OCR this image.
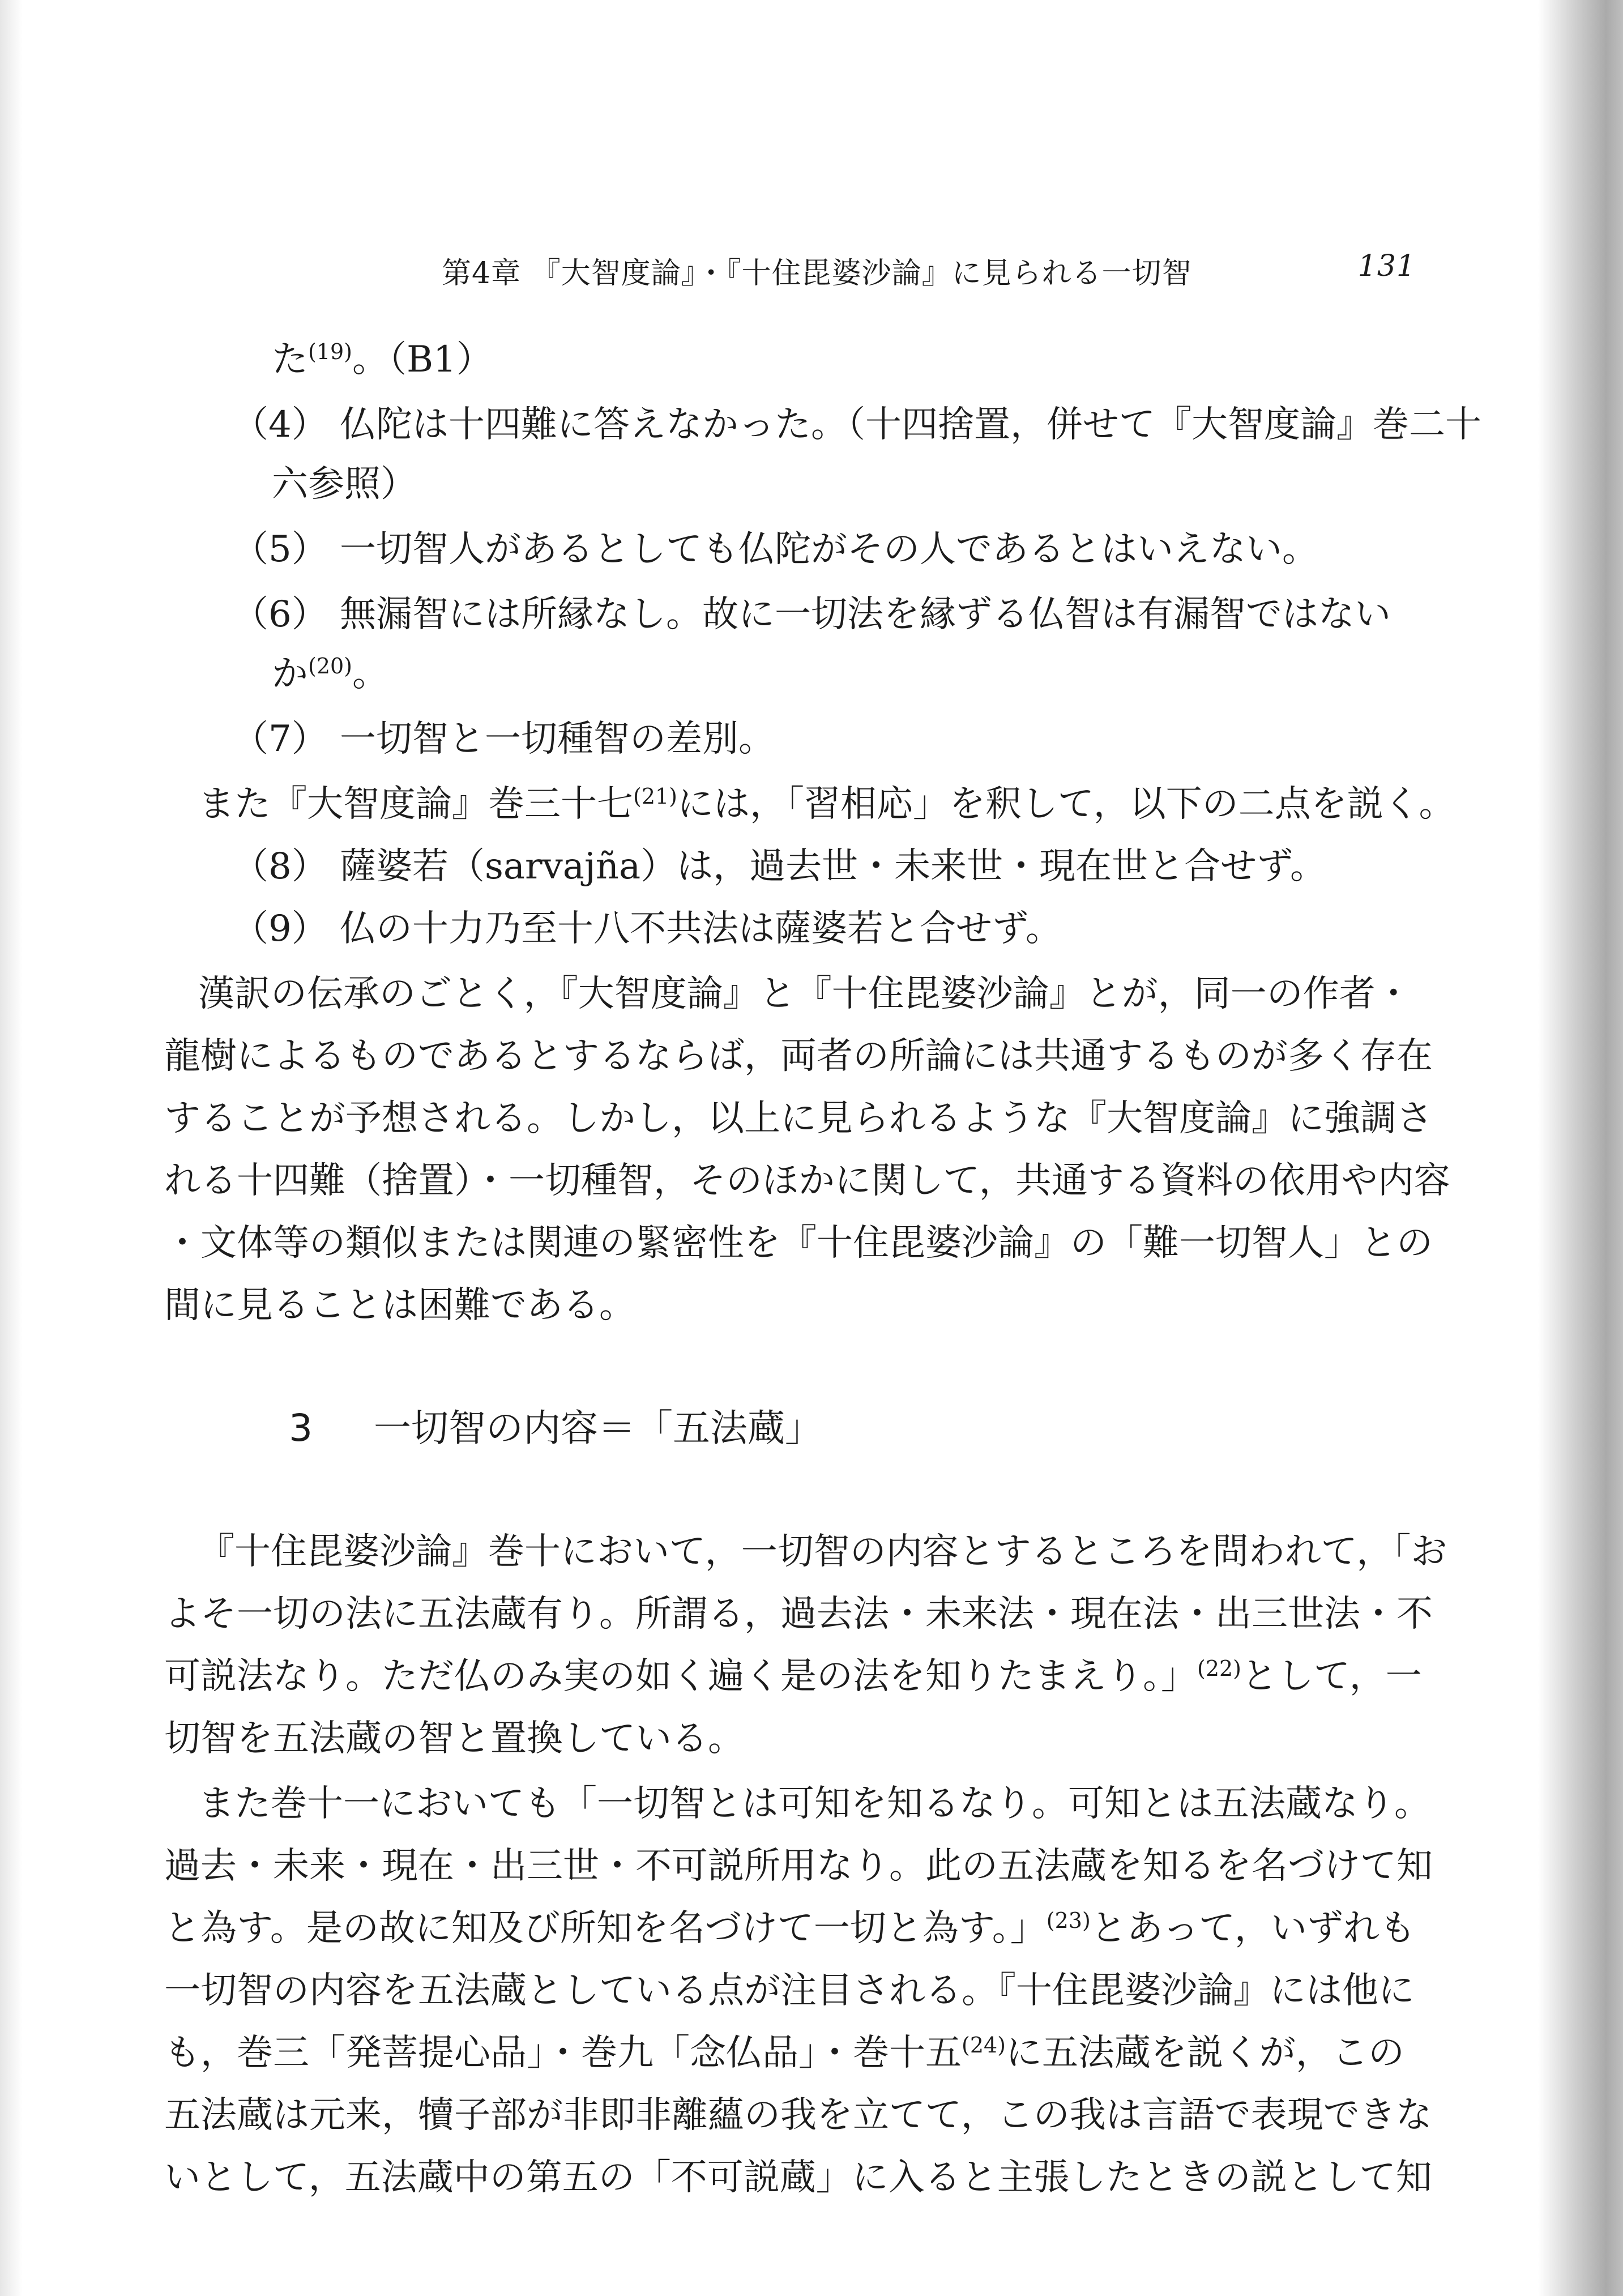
第4章 『大智度論』・『十住毘婆沙論』に見られる一切智	131
た$^{(19)}$。（B1）
（4） 仏陀は十四難に答えなかった。（十四捨置，併せて『大智度論』巻二十
六参照）
（5） 一切智人があるとしても仏陀がその人であるとはいえない。
（6） 無漏智には所縁なし。故に一切法を縁ずる仏智は有漏智ではない
か$^{(20)}$。
（7） 一切智と一切種智の差別。
また『大智度論』巻三十七$^{(21)}$には，「習相応」を釈して，以下の二点を説く。
（8） 薩婆若（sarvajña）は，過去世・未来世・現在世と合せず。
（9） 仏の十力乃至十八不共法は薩婆若と合せず。
漢訳の伝承のごとく，『大智度論』と『十住毘婆沙論』とが，同一の作者・
龍樹によるものであるとするならば，両者の所論には共通するものが多く存在
することが予想される。しかし，以上に見られるような『大智度論』に強調さ
れる十四難（捨置）・一切種智，そのほかに関して，共通する資料の依用や内容
・文体等の類似または関連の緊密性を『十住毘婆沙論』の「難一切智人」との
間に見ることは困難である。
3 一切智の内容＝「五法蔵」
『十住毘婆沙論』巻十において，一切智の内容とするところを問われて，「お
よそ一切の法に五法蔵有り。所謂る，過去法・未来法・現在法・出三世法・不
可説法なり。ただ仏のみ実の如く遍く是の法を知りたまえり。」$^{(22)}$として，一
切智を五法蔵の智と置換している。
また巻十一においても「一切智とは可知を知るなり。可知とは五法蔵なり。
過去・未来・現在・出三世・不可説所用なり。此の五法蔵を知るを名づけて知
と為す。是の故に知及び所知を名づけて一切と為す。」$^{(23)}$とあって，いずれも
一切智の内容を五法蔵としている点が注目される。『十住毘婆沙論』には他に
も，巻三「発菩提心品」・巻九「念仏品」・巻十五$^{(24)}$に五法蔵を説くが，この
五法蔵は元来，犢子部が非即非離蘊の我を立てて，この我は言語で表現できな
いとして，五法蔵中の第五の「不可説蔵」に入ると主張したときの説として知
